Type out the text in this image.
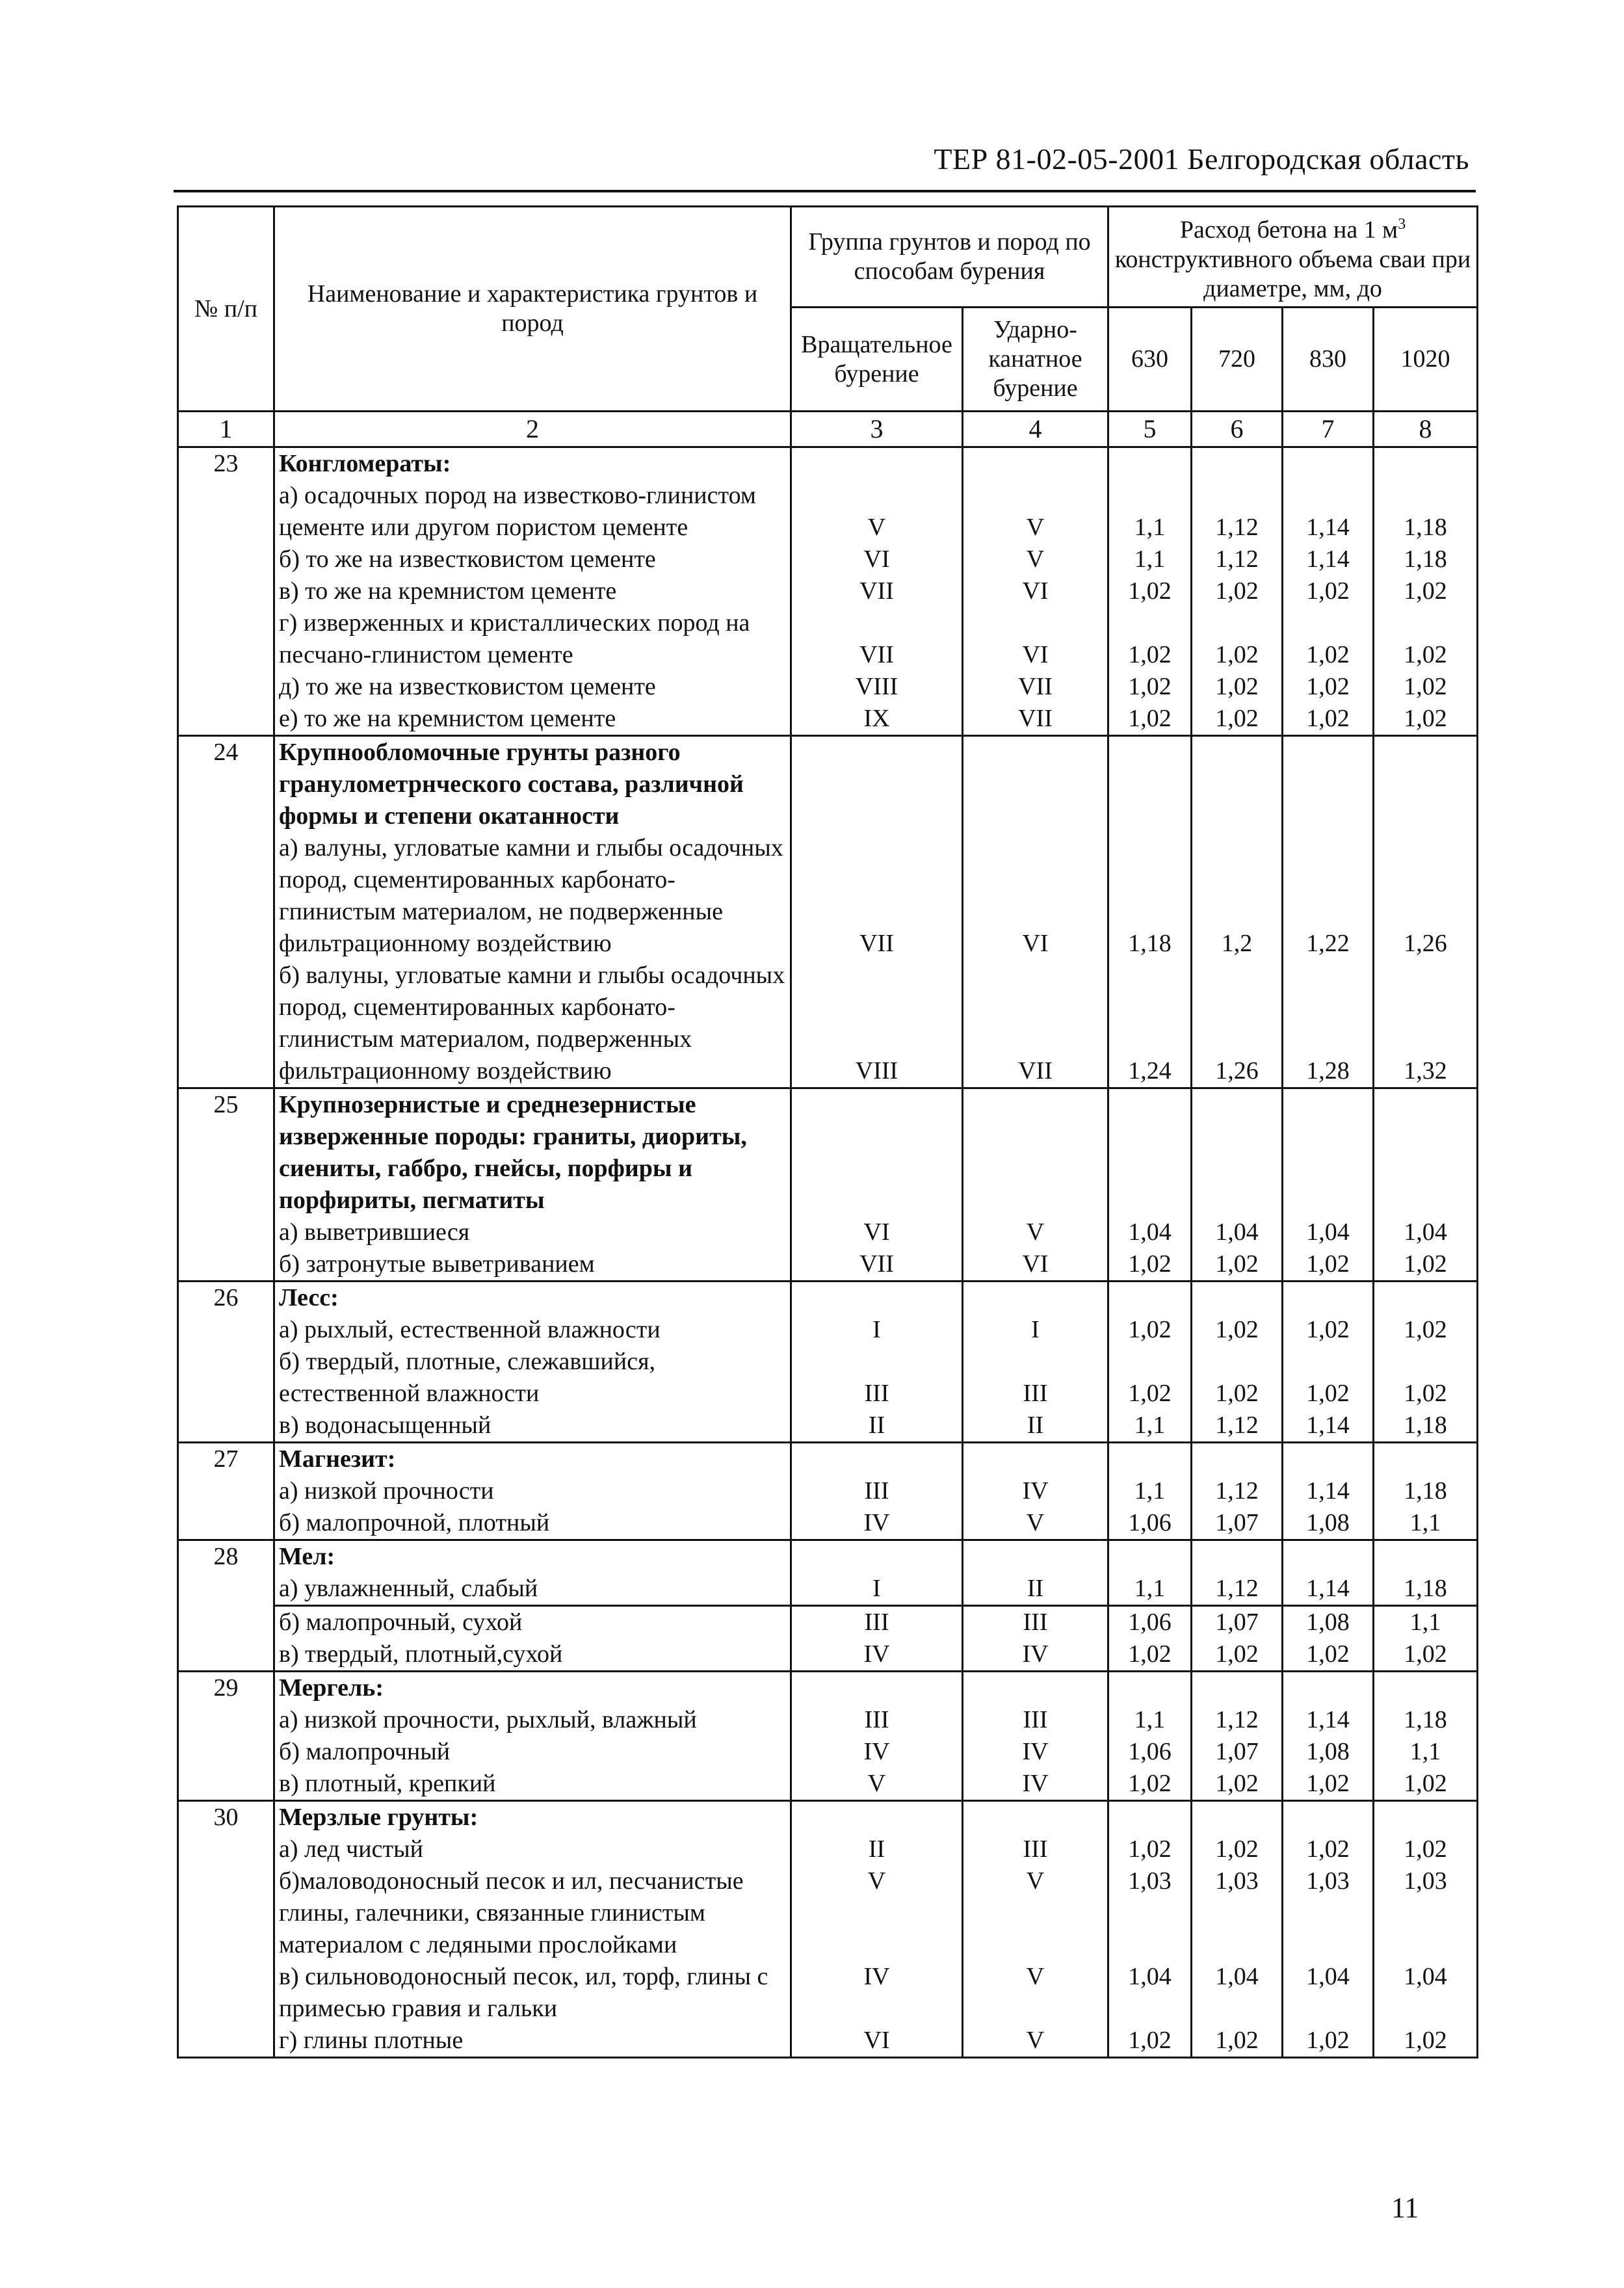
ТЕР 81-02-05-2001 Белгородская область
№ п/п	Наименование и характеристика грунтов и пород	Группа грунтов и пород по способам бурения		Расход бетона на 1 $м^3$ конструктивного объема сваи при диаметре, мм, до			
		Вращательное бурение	Ударно-канатное бурение	630	720	830	1020
1	2	3	4	5	6	7	8
23	Конгломераты:						
	а) осадочных пород на известково-глинистом цементе или другом пористом цементе	V	V	1,1	1,12	1,14	1,18
	б) то же на известковистом цементе	VI	V	1,1	1,12	1,14	1,18
	в) то же на кремнистом цементе	VII	VI	1,02	1,02	1,02	1,02
	г) изверженных и кристаллических пород на песчано-глинистом цементе	VII	VI	1,02	1,02	1,02	1,02
	д) то же на известковистом цементе	VIII	VII	1,02	1,02	1,02	1,02
	е) то же на кремнистом цементе	IX	VII	1,02	1,02	1,02	1,02
24	Крупнообломочные грунты разного гранулометрнческого состава, различной формы и степени окатанности						
	а) валуны, угловатые камни и глыбы осадочных пород, сцементированных карбонато-гпинистым материалом, не подверженные фильтрационному воздействию	VII	VI	1,18	1,2	1,22	1,26
	б) валуны, угловатые камни и глыбы осадочных пород, сцементированных карбонато-глинистым материалом, подверженных фильтрационному воздействию	VIII	VII	1,24	1,26	1,28	1,32
25	Крупнозернистые и среднезернистые изверженные породы: граниты, диориты, сиениты, габбро, гнейсы, порфиры и порфириты, пегматиты						
	а) выветрившиеся	VI	V	1,04	1,04	1,04	1,04
	б) затронутые выветриванием	VII	VI	1,02	1,02	1,02	1,02
26	Лесс:						
	а) рыхлый, естественной влажности	I	I	1,02	1,02	1,02	1,02
	б) твердый, плотные, слежавшийся, естественной влажности	III	III	1,02	1,02	1,02	1,02
	в) водонасыщенный	II	II	1,1	1,12	1,14	1,18
27	Магнезит:						
	а) низкой прочности	III	IV	1,1	1,12	1,14	1,18
	б) малопрочной, плотный	IV	V	1,06	1,07	1,08	1,1
28	Мел:						
	а) увлажненный, слабый	I	II	1,1	1,12	1,14	1,18
	б) малопрочный, сухой	III	III	1,06	1,07	1,08	1,1
	в) твердый, плотный,сухой	IV	IV	1,02	1,02	1,02	1,02
29	Мергель:						
	а) низкой прочности, рыхлый, влажный	III	III	1,1	1,12	1,14	1,18
	б) малопрочный	IV	IV	1,06	1,07	1,08	1,1
	в) плотный, крепкий	V	IV	1,02	1,02	1,02	1,02
30	Мерзлые грунты:						
	а) лед чистый	II	III	1,02	1,02	1,02	1,02
	б)маловодоносный песок и ил, песчанистые глины, галечники, связанные глинистым материалом с ледяными прослойками	V	V	1,03	1,03	1,03	1,03
	в) сильноводоносный песок, ил, торф, глины с примесью гравия и гальки	IV	V	1,04	1,04	1,04	1,04
	г) глины плотные	VI	V	1,02	1,02	1,02	1,02
11
